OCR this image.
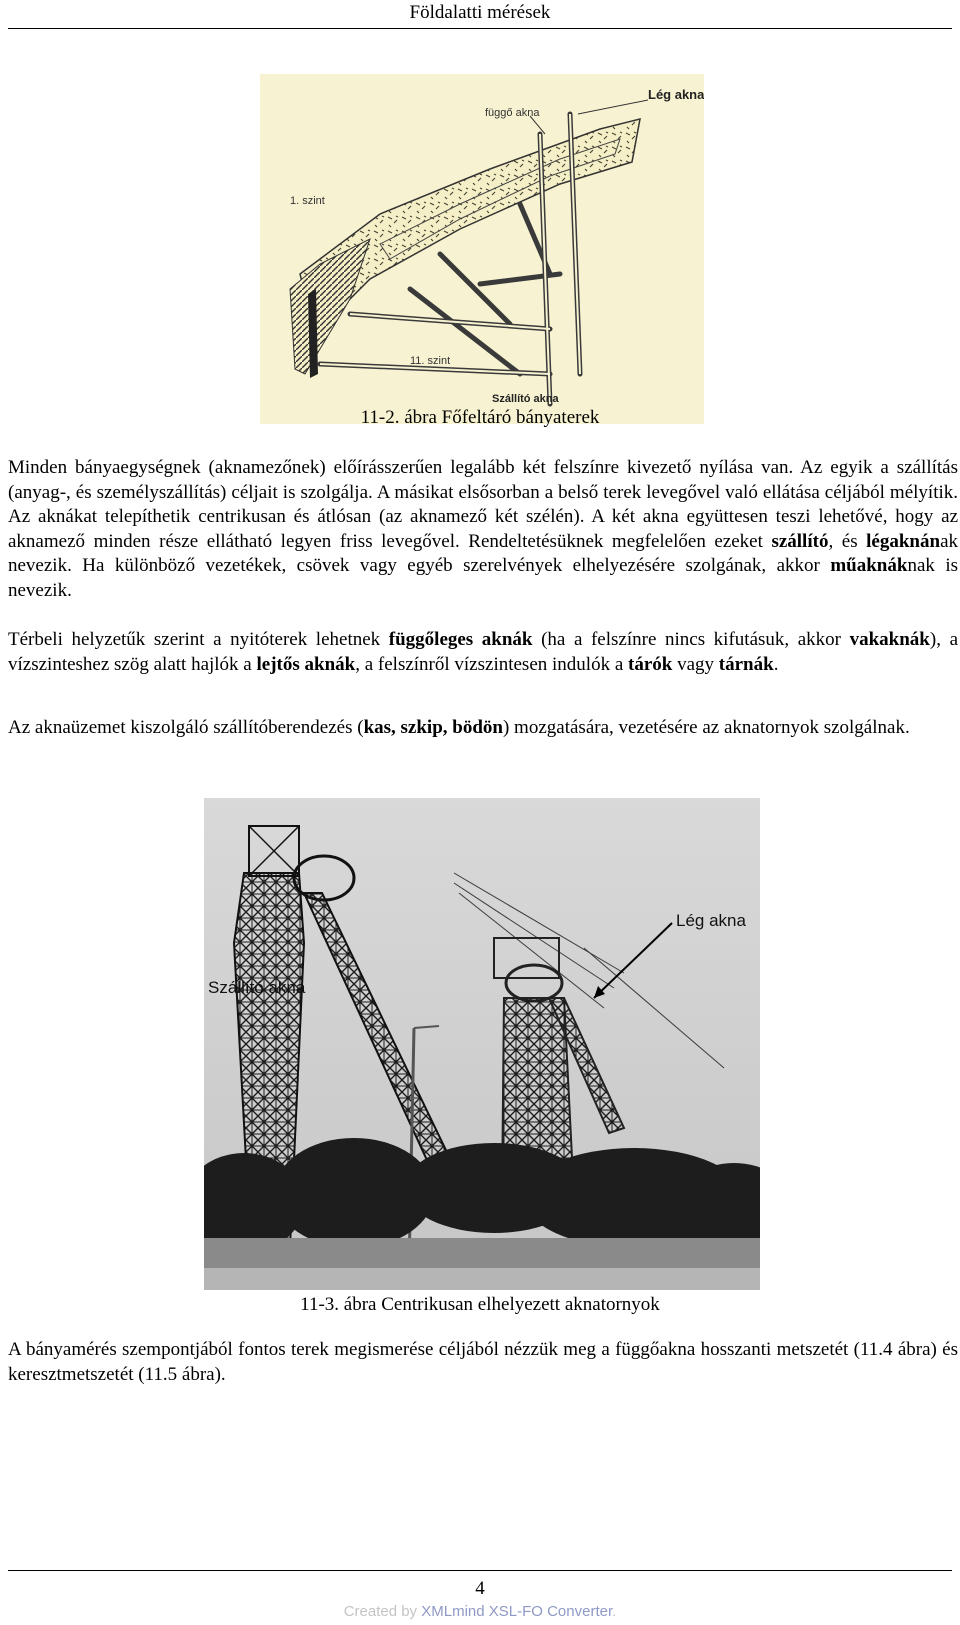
Földalatti mérések
Lég akna
függő akna
1. szint
11. szint
Szállító akna
11-2. ábra Főfeltáró bányaterek

Minden bányaegységnek (aknamezőnek) előírásszerűen legalább két felszínre kivezető nyílása van. Az egyik a szállítás (anyag-, és személyszállítás) céljait is szolgálja. A másikat elsősorban a belső terek levegővel való ellátása céljából mélyítik. Az aknákat telepíthetik centrikusan és átlósan (az aknamező két szélén). A két akna együttesen teszi lehetővé, hogy az aknamező minden része ellátható legyen friss levegővel. Rendeltetésüknek megfelelően ezeket szállító, és légaknának nevezik. Ha különböző vezetékek, csövek vagy egyéb szerelvények elhelyezésére szolgának, akkor műaknáknak is nevezik.

Térbeli helyzetűk szerint a nyitóterek lehetnek függőleges aknák (ha a felszínre nincs kifutásuk, akkor vakaknák), a vízszinteshez szög alatt hajlók a lejtős aknák, a felszínről vízszintesen indulók a tárók vagy tárnák.

Az aknaüzemet kiszolgáló szállítóberendezés (kas, szkip, bödön) mozgatására, vezetésére az aknatornyok szolgálnak.

Lég akna
Szállító akna
11-3. ábra Centrikusan elhelyezett aknatornyok

A bányamérés szempontjából fontos terek megismerése céljából nézzük meg a függőakna hosszanti metszetét (11.4 ábra) és keresztmetszetét (11.5 ábra).

4
Created by XMLmind XSL-FO Converter.
